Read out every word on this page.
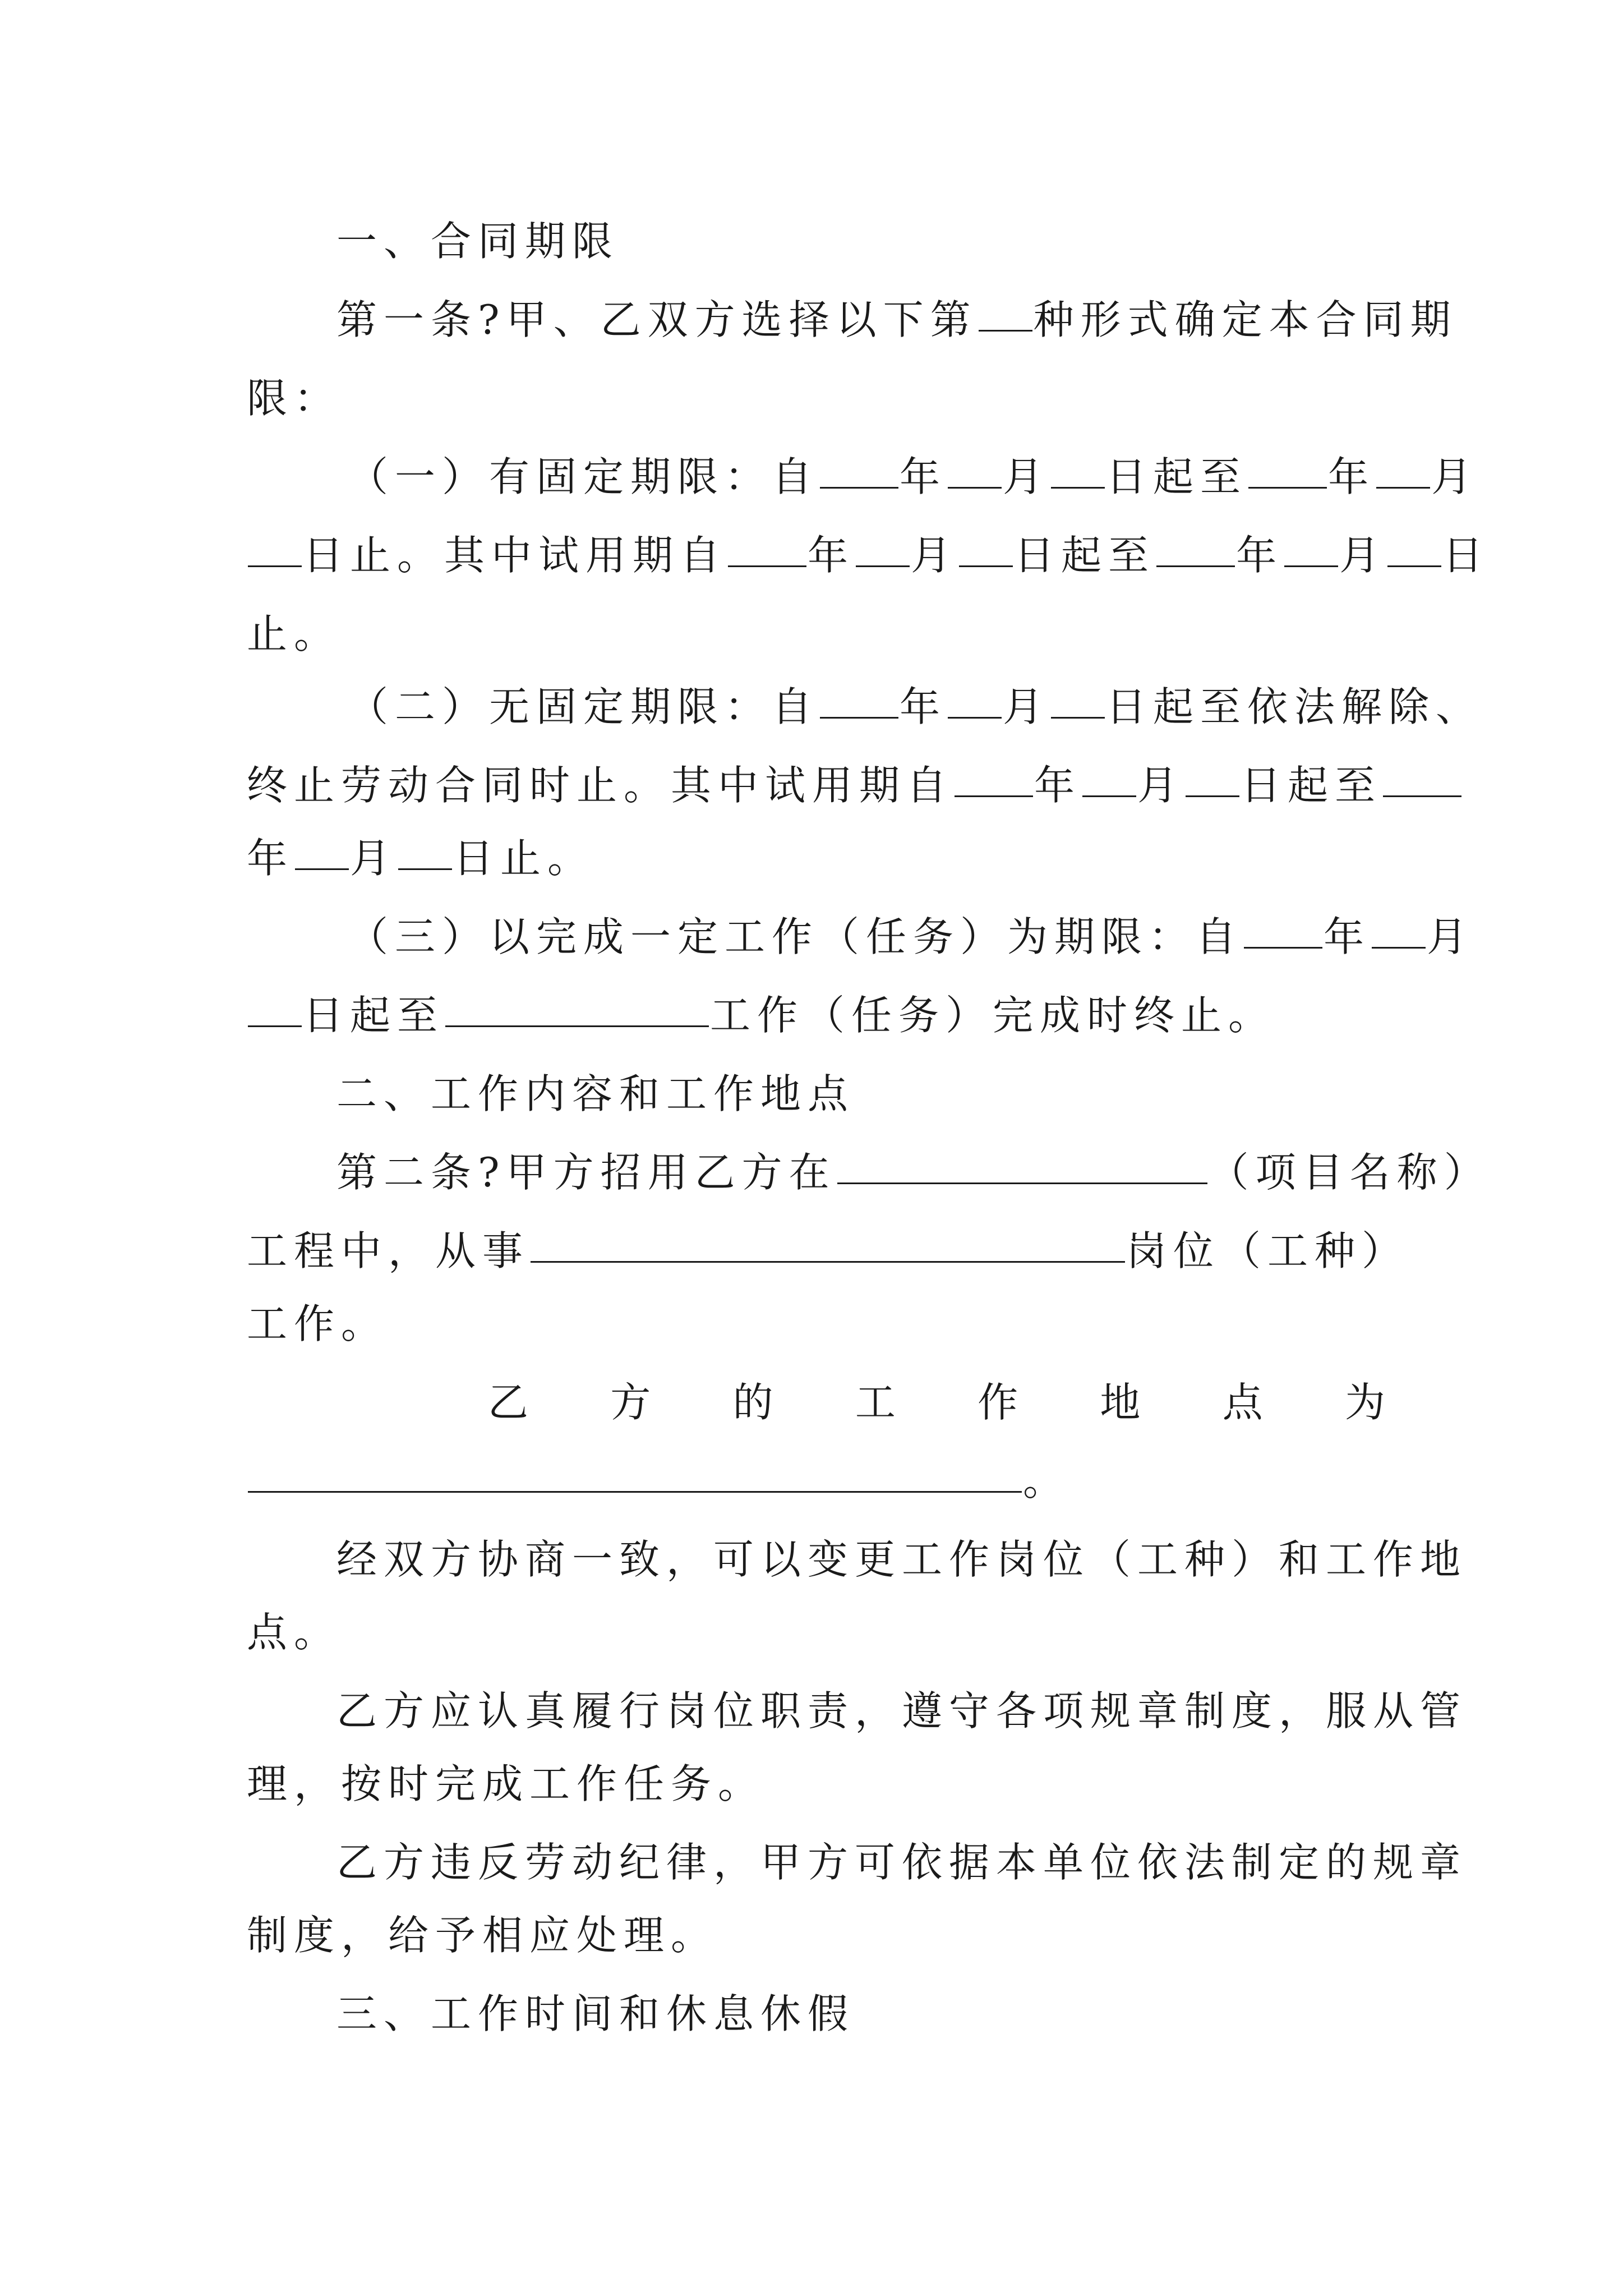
一、合同期限
第一条?甲、乙双方选择以下第 种形式确定本合同期
限：
（一）有固定期限：自 年 月 日起至 年 月
日止。其中试用期自 年 月 日起至 年 月 日
止。
（二）无固定期限：自 年 月 日起至依法解除、
终止劳动合同时止。其中试用期自 年 月 日起至
年 月 日止。
（三）以完成一定工作（任务）为期限：自 年 月
日起至	工作（任务）完成时终止。
二、工作内容和工作地点
第二条?甲方招用乙方在	（项目名称）
工程中，从事	岗位（工种）
工作。
乙 方 的 工 作 地 点 为
。
经双方协商一致，可以变更工作岗位（工种）和工作地
点。
乙方应认真履行岗位职责，遵守各项规章制度，服从管
理，按时完成工作任务。
乙方违反劳动纪律，甲方可依据本单位依法制定的规章
制度，给予相应处理。
三、工作时间和休息休假
